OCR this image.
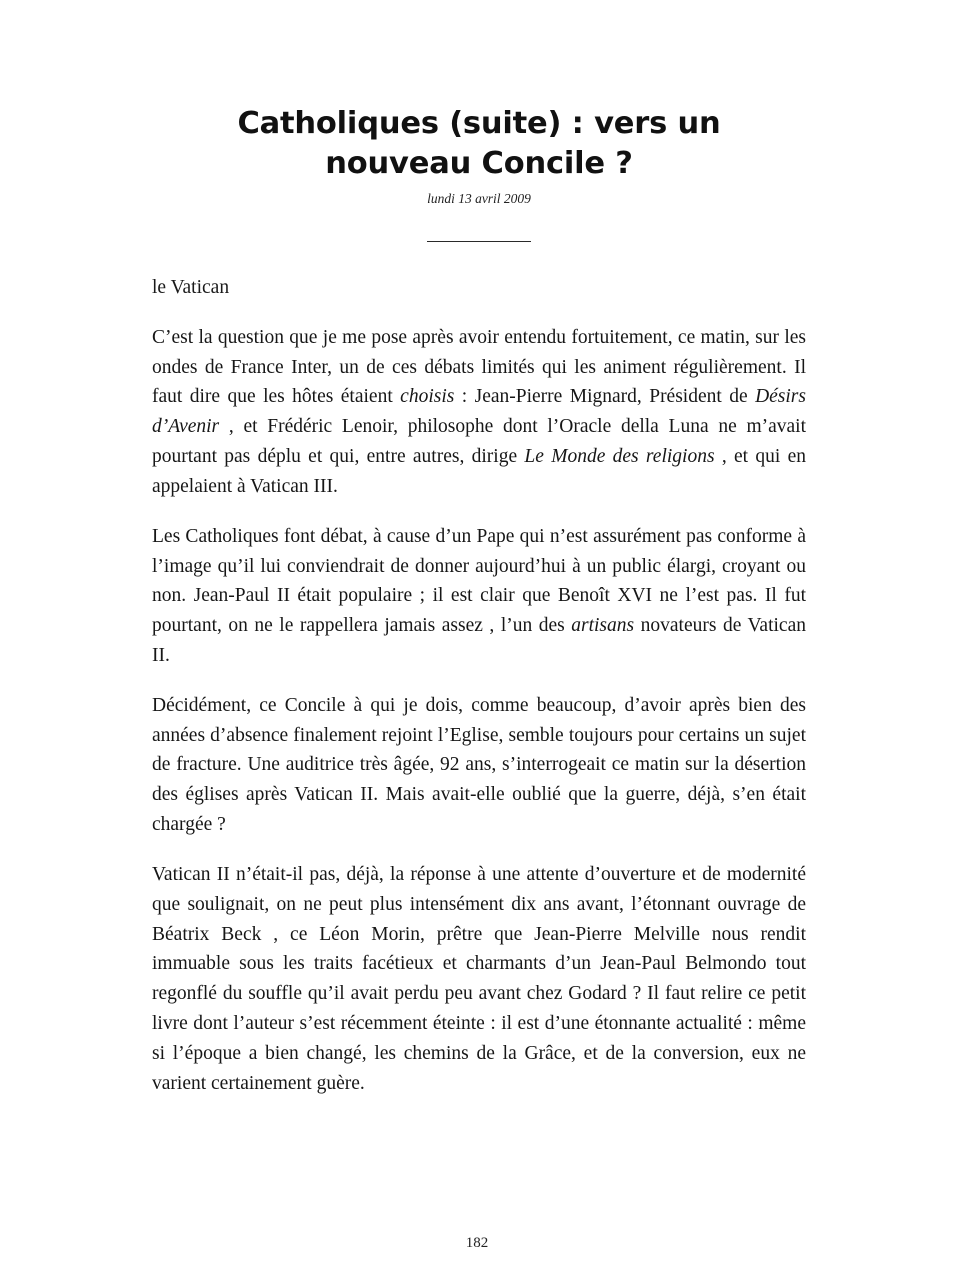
Catholiques (suite) : vers un nouveau Concile ?
lundi 13 avril 2009
le Vatican

C’est la question que je me pose après avoir entendu fortuitement, ce matin, sur les ondes de France Inter, un de ces débats limités qui les animent régulièrement. Il faut dire que les hôtes étaient choisis : Jean-Pierre Mignard, Président de Désirs d’Avenir , et Frédéric Lenoir, philosophe dont l’Oracle della Luna ne m’avait pourtant pas déplu et qui, entre autres, dirige Le Monde des religions , et qui en appelaient à Vatican III.

Les Catholiques font débat, à cause d’un Pape qui n’est assurément pas conforme à l’image qu’il lui conviendrait de donner aujourd’hui à un public élargi, croyant ou non. Jean-Paul II était populaire ; il est clair que Benoît XVI ne l’est pas. Il fut pourtant, on ne le rappellera jamais assez , l’un des artisans novateurs de Vatican II.

Décidément, ce Concile à qui je dois, comme beaucoup, d’avoir après bien des années d’absence finalement rejoint l’Eglise, semble toujours pour certains un sujet de fracture. Une auditrice très âgée, 92 ans, s’interrogeait ce matin sur la désertion des églises après Vatican II. Mais avait-elle oublié que la guerre, déjà, s’en était chargée ?

Vatican II n’était-il pas, déjà, la réponse à une attente d’ouverture et de modernité que soulignait, on ne peut plus intensément dix ans avant, l’étonnant ouvrage de Béatrix Beck , ce Léon Morin, prêtre que Jean-Pierre Melville nous rendit immuable sous les traits facétieux et charmants d’un Jean-Paul Belmondo tout regonflé du souffle qu’il avait perdu peu avant chez Godard ? Il faut relire ce petit livre dont l’auteur s’est récemment éteinte : il est d’une étonnante actualité : même si l’époque a bien changé, les chemins de la Grâce, et de la conversion, eux ne varient certainement guère.

182
